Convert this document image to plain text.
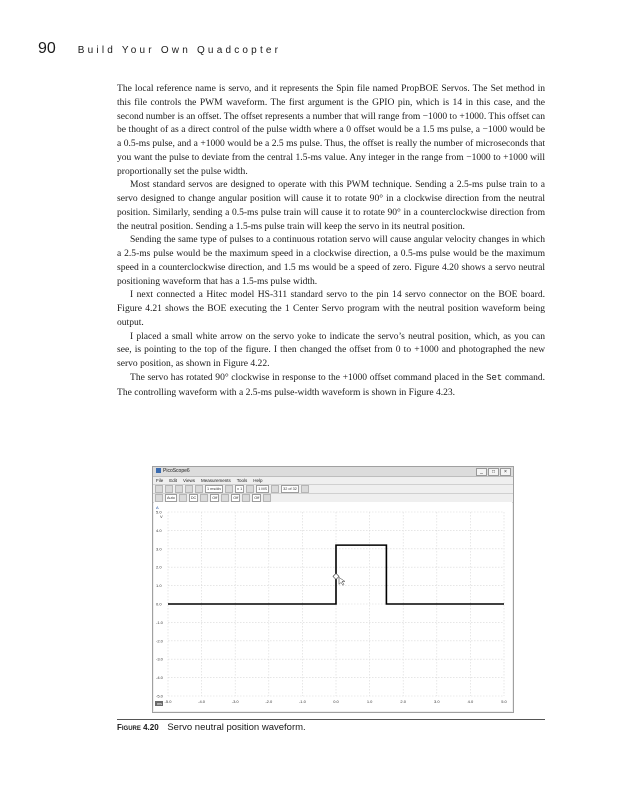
90 Build Your Own Quadcopter

The local reference name is servo, and it represents the Spin file named PropBOE Servos. The Set method in this file controls the PWM waveform. The first argument is the GPIO pin, which is 14 in this case, and the second number is an offset. The offset represents a number that will range from −1000 to +1000. This offset can be thought of as a direct control of the pulse width where a 0 offset would be a 1.5 ms pulse, a −1000 would be a 0.5-ms pulse, and a +1000 would be a 2.5 ms pulse. Thus, the offset is really the number of microseconds that you want the pulse to deviate from the central 1.5-ms value. Any integer in the range from −1000 to +1000 will proportionally set the pulse width.

Most standard servos are designed to operate with this PWM technique. Sending a 2.5-ms pulse train to a servo designed to change angular position will cause it to rotate 90° in a clockwise direction from the neutral position. Similarly, sending a 0.5-ms pulse train will cause it to rotate 90° in a counterclockwise direction from the neutral position. Sending a 1.5-ms pulse train will keep the servo in its neutral position.

Sending the same type of pulses to a continuous rotation servo will cause angular velocity changes in which a 2.5-ms pulse would be the maximum speed in a clockwise direction, a 0.5-ms pulse would be the maximum speed in a counterclockwise direction, and 1.5 ms would be a speed of zero. Figure 4.20 shows a servo neutral positioning waveform that has a 1.5-ms pulse width.

I next connected a Hitec model HS-311 standard servo to the pin 14 servo connector on the BOE board. Figure 4.21 shows the BOE executing the 1 Center Servo program with the neutral position waveform being output.

I placed a small white arrow on the servo yoke to indicate the servo’s neutral position, which, as you can see, is pointing to the top of the figure. I then changed the offset from 0 to +1000 and photographed the new servo position, as shown in Figure 4.22.

The servo has rotated 90° clockwise in response to the +1000 offset command placed in the Set command. The controlling waveform with a 2.5-ms pulse-width waveform is shown in Figure 4.23.

PicoScope6	_	□	×
File Edit Views Measurements Tools Help
1 ms/div	x 1	1 MS	32 of 32
Auto	DC	Off	Off	Off
5.0
4.0
3.0
2.0
1.0
0.0
-1.0
-2.0
-3.0
-4.0
-5.0
-5.0	-4.0	-3.0	-2.0	-1.0	0.0	1.0	2.0	3.0	4.0	5.0
V
A
ms
Figure 4.20 Servo neutral position waveform.
